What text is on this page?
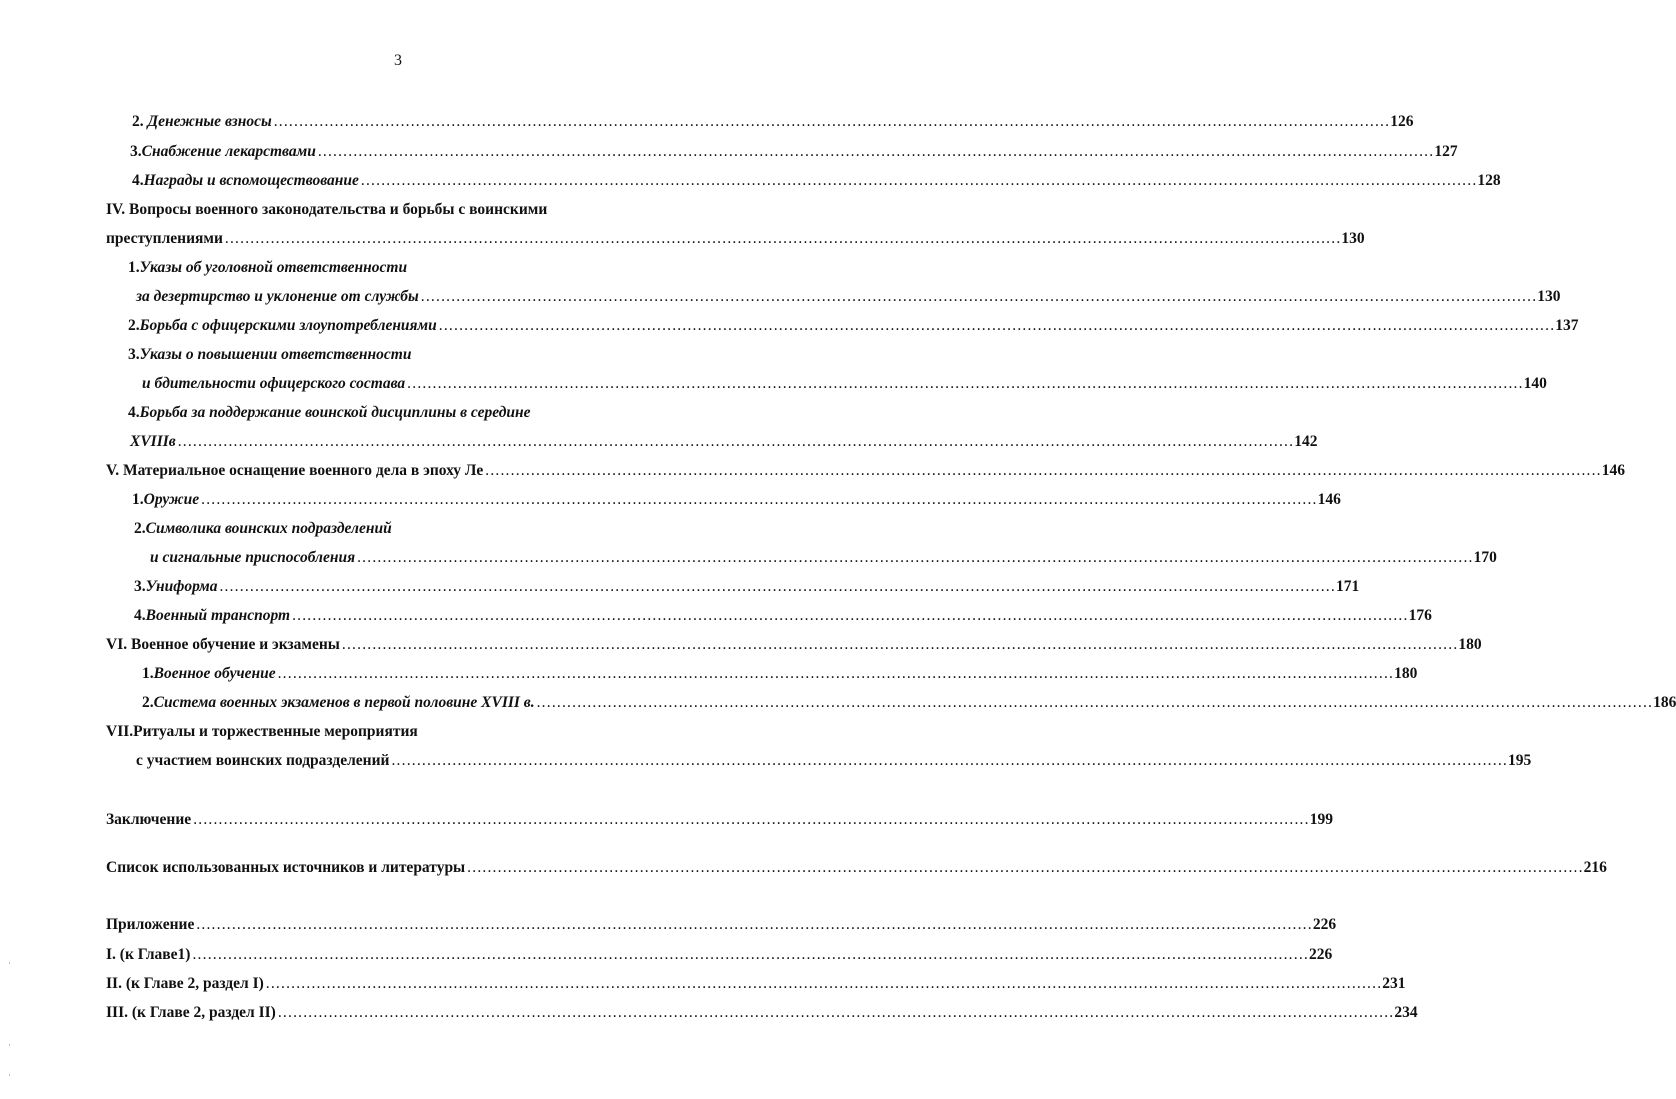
3
2. Денежные взносы ............................................................................................................................................................................................................................ 126
3.Снабжение лекарствами ............................................................................................................................................................................................................................ 127
4.Награды и вспомоществование ............................................................................................................................................................................................................................ 128
IV. Вопросы военного законодательства и борьбы с воинскими
преступлениями ............................................................................................................................................................................................................................ 130
1.Указы об уголовной ответственности
за дезертирство и уклонение от службы ............................................................................................................................................................................................................................ 130
2.Борьба с офицерскими злоупотреблениями ............................................................................................................................................................................................................................ 137
3.Указы о повышении ответственности
и бдительности офицерского состава ............................................................................................................................................................................................................................ 140
4.Борьба за поддержание воинской дисциплины в середине
XVIIIв ............................................................................................................................................................................................................................ 142
V. Материальное оснащение военного дела в эпоху Ле ............................................................................................................................................................................................................................ 146
1.Оружие ............................................................................................................................................................................................................................ 146
2.Символика воинских подразделений
и сигнальные приспособления ............................................................................................................................................................................................................................ 170
3.Униформа ............................................................................................................................................................................................................................ 171
4.Военный транспорт ............................................................................................................................................................................................................................ 176
VI. Военное обучение и экзамены ............................................................................................................................................................................................................................ 180
1.Военное обучение ............................................................................................................................................................................................................................ 180
2.Система военных экзаменов в первой половине XVIII в. ............................................................................................................................................................................................................................ 186
VII.Ритуалы и торжественные мероприятия
с участием воинских подразделений ............................................................................................................................................................................................................................ 195
Заключение ............................................................................................................................................................................................................................ 199
Список использованных источников и литературы ............................................................................................................................................................................................................................ 216
Приложение ............................................................................................................................................................................................................................ 226
I. (к Главе1) ............................................................................................................................................................................................................................ 226
II. (к Главе 2, раздел I) ............................................................................................................................................................................................................................ 231
III. (к Главе 2, раздел II) ............................................................................................................................................................................................................................ 234
·
·
·
